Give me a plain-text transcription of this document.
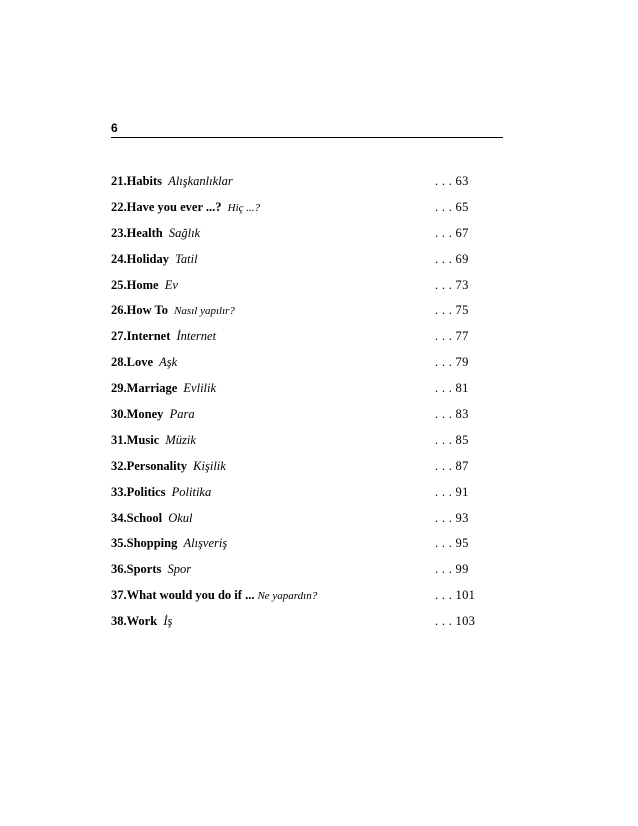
6
21.Habits Alışkanlıklar	. . . 63
22.Have you ever ...? Hiç ...?	. . . 65
23.Health Sağlık	. . . 67
24.Holiday Tatil	. . . 69
25.Home Ev	. . . 73
26.How To Nasıl yapılır?	. . . 75
27.Internet İnternet	. . . 77
28.Love Aşk	. . . 79
29.Marriage Evlilik	. . . 81
30.Money Para	. . . 83
31.Music Müzik	. . . 85
32.Personality Kişilik	. . . 87
33.Politics Politika	. . . 91
34.School Okul	. . . 93
35.Shopping Alışveriş	. . . 95
36.Sports Spor	. . . 99
37.What would you do if ... Ne yapardın?	. . . 101
38.Work İş	. . . 103
